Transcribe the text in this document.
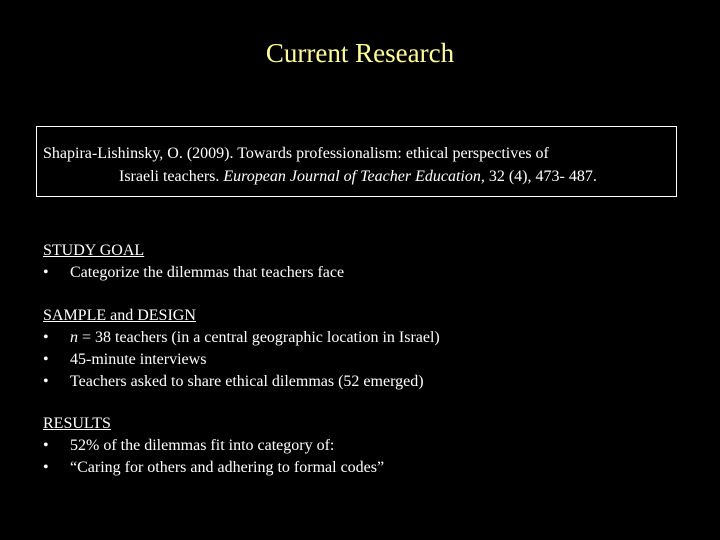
Current Research
Shapira-Lishinsky, O. (2009). Towards professionalism: ethical perspectives of
Israeli teachers. European Journal of Teacher Education, 32 (4), 473- 487.
STUDY GOAL
•	Categorize the dilemmas that teachers face
SAMPLE and DESIGN
•	n = 38 teachers (in a central geographic location in Israel)
•	45-minute interviews
•	Teachers asked to share ethical dilemmas (52 emerged)
RESULTS
•	52% of the dilemmas fit into category of:
•	“Caring for others and adhering to formal codes”
